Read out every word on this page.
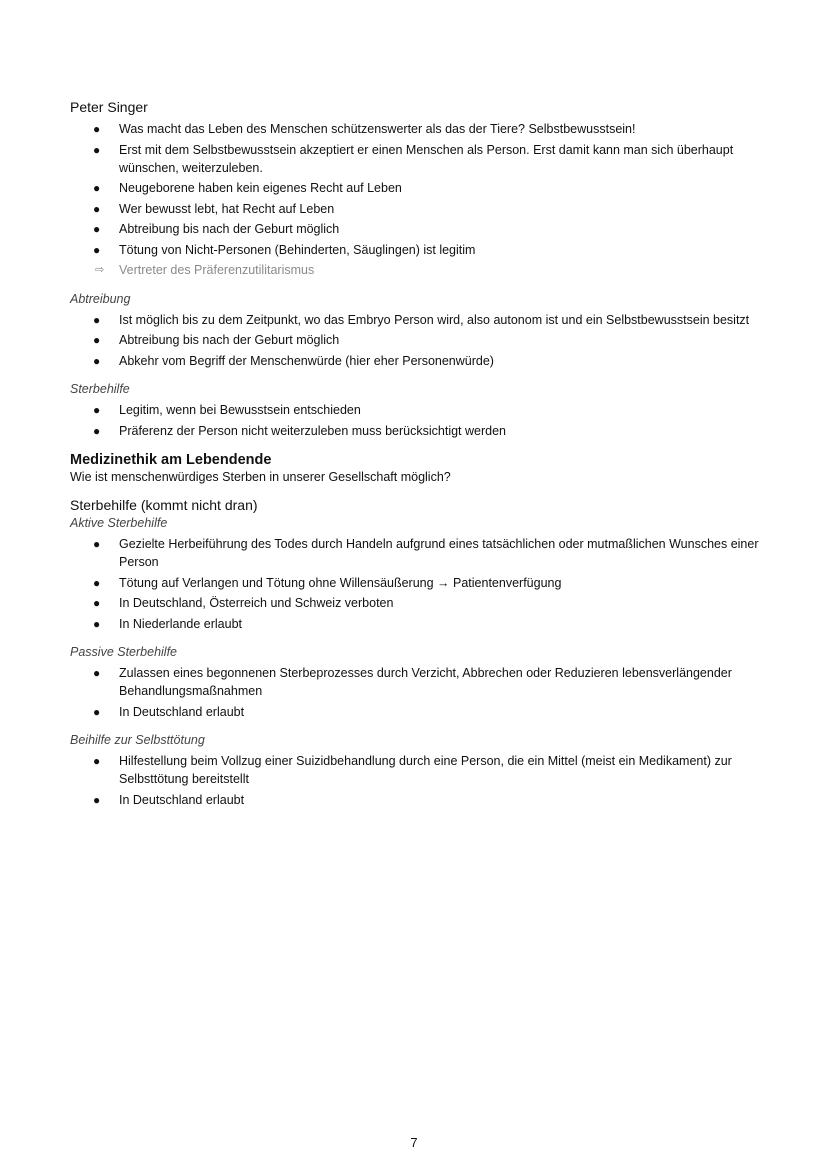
Peter Singer
● Was macht das Leben des Menschen schützenswerter als das der Tiere? Selbstbewusstsein!
● Erst mit dem Selbstbewusstsein akzeptiert er einen Menschen als Person. Erst damit kann man sich überhaupt wünschen, weiterzuleben.
● Neugeborene haben kein eigenes Recht auf Leben
● Wer bewusst lebt, hat Recht auf Leben
● Abtreibung bis nach der Geburt möglich
● Tötung von Nicht-Personen (Behinderten, Säuglingen) ist legitim
⇨ Vertreter des Präferenzutilitarismus
Abtreibung
● Ist möglich bis zu dem Zeitpunkt, wo das Embryo Person wird, also autonom ist und ein Selbstbewusstsein besitzt
● Abtreibung bis nach der Geburt möglich
● Abkehr vom Begriff der Menschenwürde (hier eher Personenwürde)
Sterbehilfe
● Legitim, wenn bei Bewusstsein entschieden
● Präferenz der Person nicht weiterzuleben muss berücksichtigt werden
Medizinethik am Lebendende
Wie ist menschenwürdiges Sterben in unserer Gesellschaft möglich?
Sterbehilfe (kommt nicht dran)
Aktive Sterbehilfe
● Gezielte Herbeiführung des Todes durch Handeln aufgrund eines tatsächlichen oder mutmaßlichen Wunsches einer Person
● Tötung auf Verlangen und Tötung ohne Willensäußerung → Patientenverfügung
● In Deutschland, Österreich und Schweiz verboten
● In Niederlande erlaubt
Passive Sterbehilfe
● Zulassen eines begonnenen Sterbeprozesses durch Verzicht, Abbrechen oder Reduzieren lebensverlängender Behandlungsmaßnahmen
● In Deutschland erlaubt
Beihilfe zur Selbsttötung
● Hilfestellung beim Vollzug einer Suizidbehandlung durch eine Person, die ein Mittel (meist ein Medikament) zur Selbsttötung bereitstellt
● In Deutschland erlaubt
7
